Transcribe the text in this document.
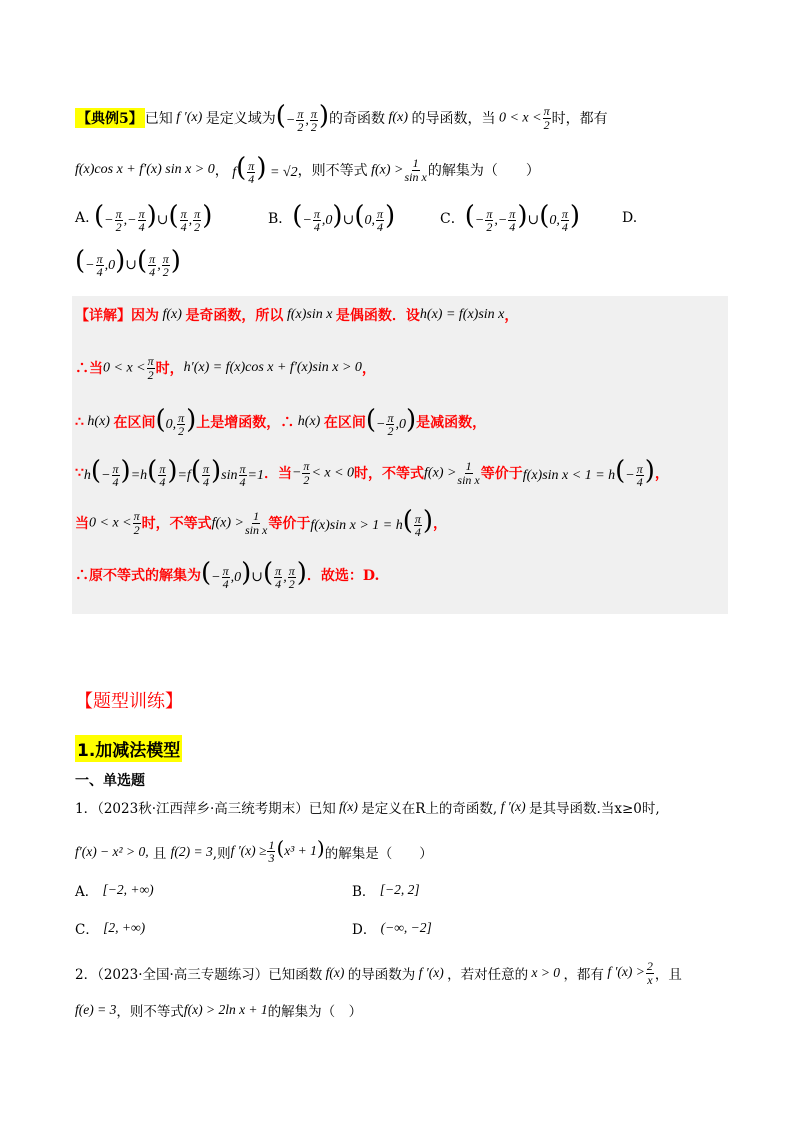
【典例5】 已知 f ′(x) 是定义域为 (− $\frac{\pi}{2}$ , $\frac{\pi}{2}$ ) 的奇函数 f(x) 的导函数，当 $0 < x < \frac{\pi}{2}$ 时，都有
f(x)cos x + f′(x) sin x > 0 ， $f( \frac{\pi}{4}$ ) = √2 ，则不等式 $f(x) > \frac{1}{\text{sin x}}$ 的解集为（　　）
A.
(− $\frac{\pi}{2}$ ,− $\frac{\pi}{4}$ )∪( $\frac{\pi}{4}$ , $\frac{\pi}{2}$ )	B． (− $\frac{\pi}{4}$ ,0)∪(0, $\frac{\pi}{4}$ )	C． (− $\frac{\pi}{2}$ ,− $\frac{\pi}{4}$ )∪(0, $\frac{\pi}{4}$ )	D.
(− $\frac{\pi}{4}$ ,0)∪( $\frac{\pi}{4}$ , $\frac{\pi}{2}$ )
【详解】因为 f(x) 是奇函数，所以 f(x)sin x 是偶函数．设 h(x) = f(x)sin x ，
∴当 $0 < x < \frac{\pi}{2}$ 时， h′(x) = f(x)cos x + f′(x)sin x > 0 ，
∴ h(x) 在区间 (0, $\frac{\pi}{2}$ ) 上是增函数，∴ h(x) 在区间 (− $\frac{\pi}{2} ,0$) 是减函数，
∵ $h(- \frac{\pi}{4} )=h( \frac{\pi}{4} )=f( \frac{\pi}{4} )\sin \frac{\pi}{4} =1$ ．当 − $\frac{\pi}{2} < x < 0$ 时，不等式 $f(x) > \frac{1}{\text{sin x}}$ 等价于 f(x)sin $x < 1 = h(- \frac{\pi}{4}$ ) ，
当 $0 < x < \frac{\pi}{2}$ 时，不等式 $f(x) > \frac{1}{\text{sin x}}$ 等价于 f(x)sin $x > 1 = h( \frac{\pi}{4}$ ) ，
∴原不等式的解集为 (− $\frac{\pi}{4}$ ,0)∪( $\frac{\pi}{4}$ , $\frac{\pi}{2}$ ) ．故选：D.
【题型训练】
1.加减法模型
一、单选题
1．（2023秋·江西萍乡·高三统考期末）已知 f(x) 是定义在R上的奇函数, f ′(x) 是其导函数.当x≥0时,
f′(x) − x² > 0,
且
f(2) = 3 ,则 f $'(x) \ge \frac{1}{3} (x^3 + 1)$ 的解集是（　　）
A．
[−2, +∞)	B．
[−2, 2]
C．
[2, +∞)	D．
(−∞, −2]
2．（2023·全国·高三专题练习）已知函数 f(x) 的导函数为 f ′(x) ，若对任意的 x > 0 ，都有 f $'(x) > \frac{2}{x}$ ，且
f(e) = 3 ，则不等式 f(x) > 2ln x + 1 的解集为（　）
